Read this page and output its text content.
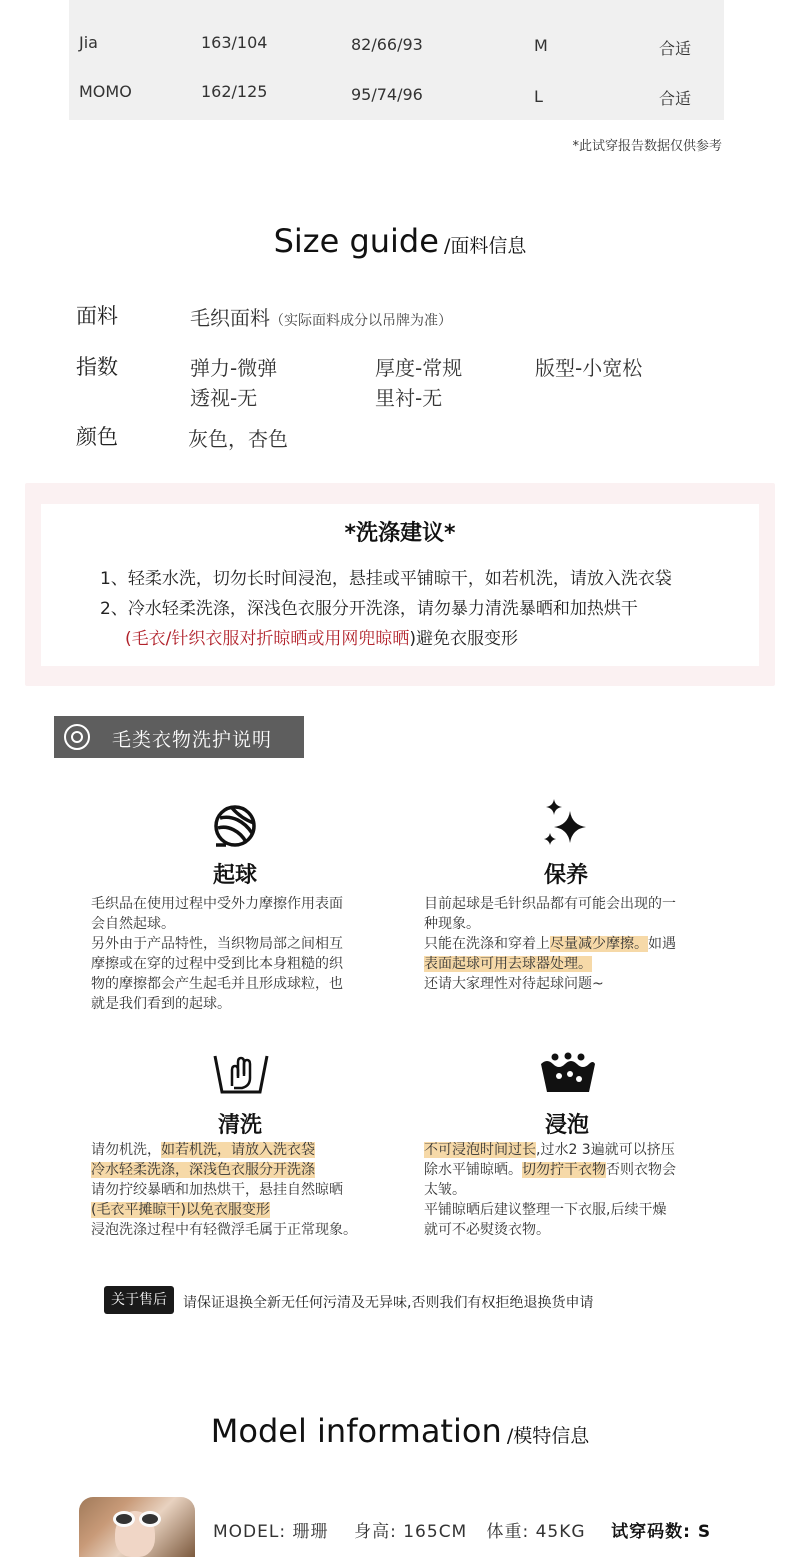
Jia	163/104	82/66/93	M	合适
MOMO	162/125	95/74/96	L	合适
*此试穿报告数据仅供参考
Size guide /面料信息
面料	毛织面料（实际面料成分以吊牌为准）
指数	弹力-微弹	厚度-常规	版型-小宽松
透视-无	里衬-无
颜色	灰色，杏色
*洗涤建议*
1、轻柔水洗，切勿长时间浸泡，悬挂或平铺晾干，如若机洗，请放入洗衣袋
2、冷水轻柔洗涤，深浅色衣服分开洗涤，请勿暴力清洗暴晒和加热烘干
(毛衣/针织衣服对折晾晒或用网兜晾晒)避免衣服变形
毛类衣物洗护说明
起球
毛织品在使用过程中受外力摩擦作用表面
会自然起球。
另外由于产品特性，当织物局部之间相互
摩擦或在穿的过程中受到比本身粗糙的织
物的摩擦都会产生起毛并且形成球粒，也
就是我们看到的起球。
保养
目前起球是毛针织品都有可能会出现的一
种现象。
只能在洗涤和穿着上尽量减少摩擦。如遇
表面起球可用去球器处理。
还请大家理性对待起球问题~
清洗
请勿机洗，如若机洗，请放入洗衣袋
冷水轻柔洗涤，深浅色衣服分开洗涤
请勿拧绞暴晒和加热烘干，悬挂自然晾晒
(毛衣平摊晾干)以免衣服变形
浸泡洗涤过程中有轻微浮毛属于正常现象。
浸泡
不可浸泡时间过长,过水2 3遍就可以挤压
除水平铺晾晒。切勿拧干衣物否则衣物会
太皱。
平铺晾晒后建议整理一下衣服,后续干燥
就可不必熨烫衣物。
关于售后	请保证退换全新无任何污清及无异味,否则我们有权拒绝退换货申请
Model information /模特信息
MODEL: 珊珊 身高: 165CM 体重: 45KG 试穿码数: S
